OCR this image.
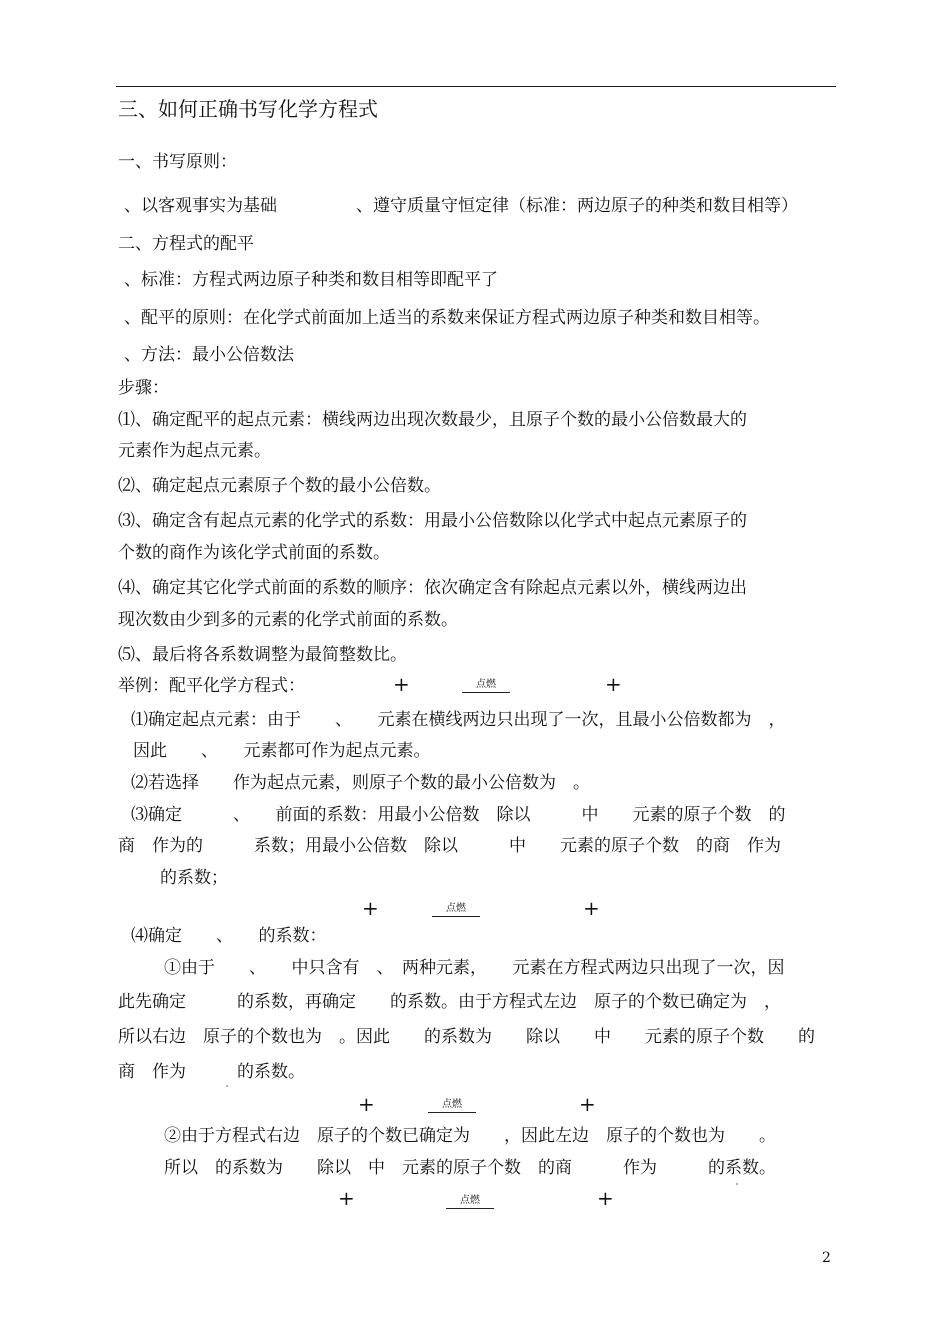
三、如何正确书写化学方程式
一、书写原则：
、以客观事实为基础	、遵守质量守恒定律（标准：两边原子的种类和数目相等）
二、方程式的配平
、标准：方程式两边原子种类和数目相等即配平了
、配平的原则：在化学式前面加上适当的系数来保证方程式两边原子种类和数目相等。
、方法：最小公倍数法
步骤：
⑴、确定配平的起点元素：横线两边出现次数最少，且原子个数的最小公倍数最大的
元素作为起点元素。
⑵、确定起点元素原子个数的最小公倍数。
⑶、确定含有起点元素的化学式的系数：用最小公倍数除以化学式中起点元素原子的
个数的商作为该化学式前面的系数。
⑷、确定其它化学式前面的系数的顺序：依次确定含有除起点元素以外，横线两边出
现次数由少到多的元素的化学式前面的系数。
⑸、最后将各系数调整为最简整数比。
举例：配平化学方程式：	+	点燃	+
⑴确定起点元素：由于　　、　　元素在横线两边只出现了一次，且最小公倍数都为　，
因此　　、　　元素都可作为起点元素。
⑵若选择　　作为起点元素，则原子个数的最小公倍数为　。
⑶确定　　　、　　前面的系数：用最小公倍数　除以　　　中　　元素的原子个数　的
商　作为的　　　系数；用最小公倍数　除以　　　中　　元素的原子个数　的商　作为
的系数；
+	点燃	+
⑷确定　　、　　的系数：
①由于　　、　　中只含有　、　两种元素，　　元素在方程式两边只出现了一次，因
此先确定　　　的系数，再确定　　的系数。由于方程式左边　原子的个数已确定为　，
所以右边　原子的个数也为　。因此　　的系数为　　除以　　中　　元素的原子个数　　的
商　作为　　　的系数。
+	点燃	+
②由于方程式右边　原子的个数已确定为　　，因此左边　原子的个数也为　　。
所以　的系数为　　除以　中　元素的原子个数　的商　　　作为　　　的系数。
+	点燃	+
2
